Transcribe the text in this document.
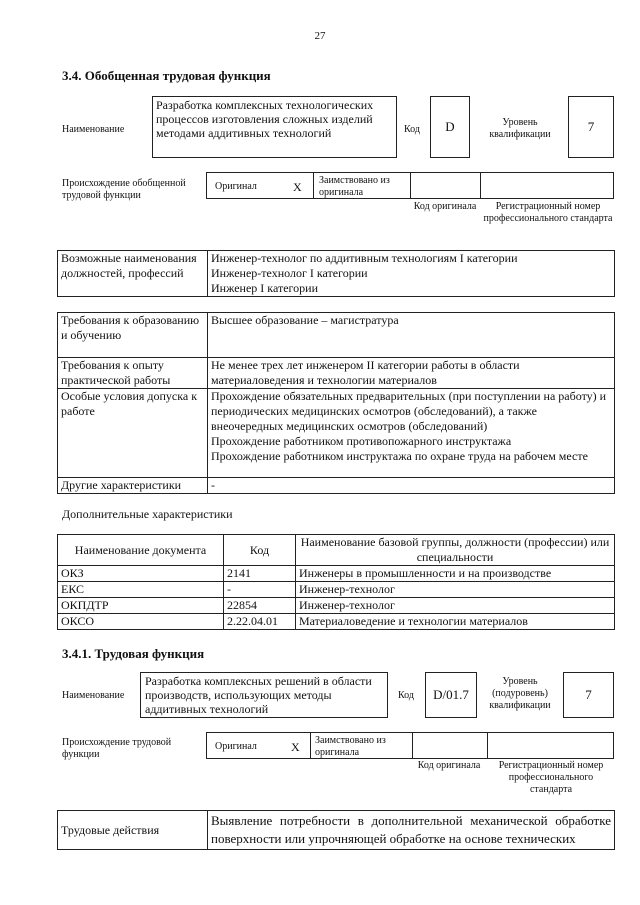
27
3.4. Обобщенная трудовая функция
Наименование
Разработка комплексных технологических процессов изготовления сложных изделий методами аддитивных технологий	Код	D	Уровень квалификации
7
Происхождение обобщенной трудовой функции
Оригинал	X	Заимствовано из оригинала
Код оригинала	Регистрационный номер профессионального стандарта
Возможные наименования должностей, профессий	
Инженер-технолог по аддитивным технологиям I категории
Инженер-технолог I категории
Инженер I категории
Требования к образованию и обучению	Высшее образование – магистратура
Требования к опыту практической работы	Не менее трех лет инженером II категории работы в области материаловедения и технологии материалов
Особые условия допуска к работе	Прохождение обязательных предварительных (при поступлении на работу) и периодических медицинских осмотров (обследований), а также внеочередных медицинских осмотров (обследований)
Прохождение работником противопожарного инструктажа
Прохождение работником инструктажа по охране труда на рабочем месте

Другие характеристики	-
Дополнительные характеристики
Наименование документа	Код	Наименование базовой группы, должности (профессии) или специальности
ОКЗ	2141	Инженеры в промышленности и на производстве
ЕКС	-	Инженер-технолог
ОКПДТР	22854	Инженер-технолог
ОКСО	2.22.04.01	Материаловедение и технологии материалов
3.4.1. Трудовая функция
Наименование
Разработка комплексных решений в области производств, использующих методы аддитивных технологий
Код	D/01.7
Уровень (подуровень) квалификации
7
Происхождение трудовой функции
Оригинал	X	Заимствовано из оригинала
Код оригинала	Регистрационный номер профессионального стандарта
Трудовые действия	Выявление потребности в дополнительной механической обработке поверхности или упрочняющей обработке на основе технических
